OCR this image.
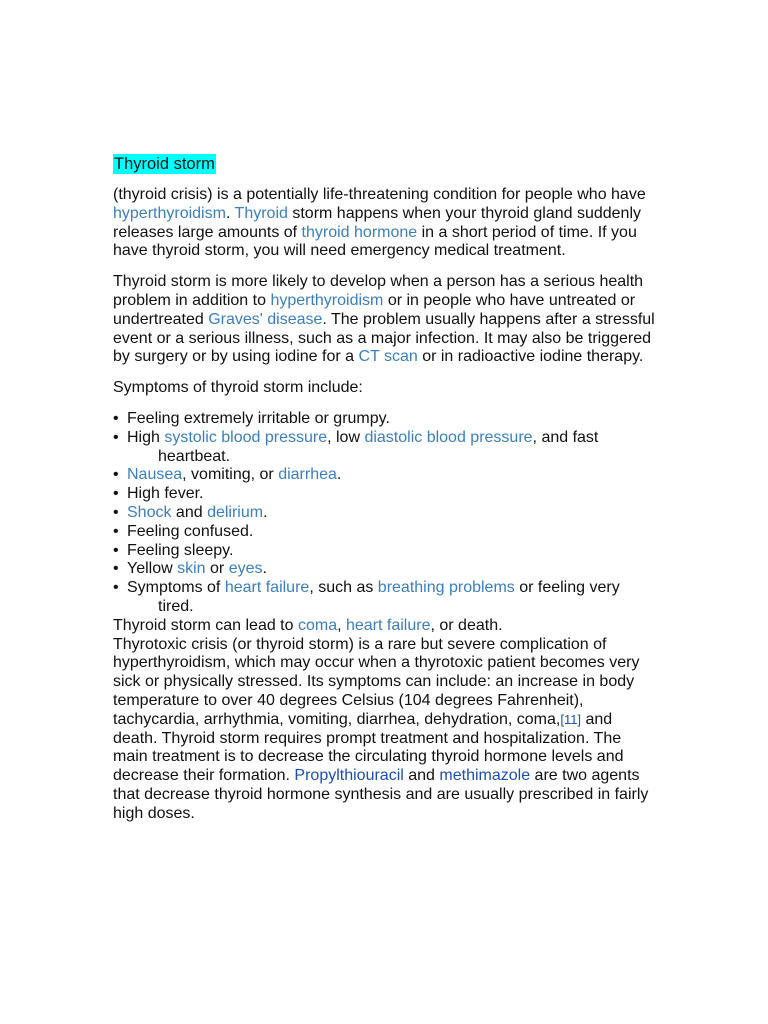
Thyroid storm

(thyroid crisis) is a potentially life-threatening condition for people who have hyperthyroidism. Thyroid storm happens when your thyroid gland suddenly releases large amounts of thyroid hormone in a short period of time. If you have thyroid storm, you will need emergency medical treatment.

Thyroid storm is more likely to develop when a person has a serious health problem in addition to hyperthyroidism or in people who have untreated or undertreated Graves' disease. The problem usually happens after a stressful event or a serious illness, such as a major infection. It may also be triggered by surgery or by using iodine for a CT scan or in radioactive iodine therapy.

Symptoms of thyroid storm include:

• Feeling extremely irritable or grumpy.
• High systolic blood pressure, low diastolic blood pressure, and fast
heartbeat.
• Nausea, vomiting, or diarrhea.
• High fever.
• Shock and delirium.
• Feeling confused.
• Feeling sleepy.
• Yellow skin or eyes.
• Symptoms of heart failure, such as breathing problems or feeling very
tired.

Thyroid storm can lead to coma, heart failure, or death.

Thyrotoxic crisis (or thyroid storm) is a rare but severe complication of hyperthyroidism, which may occur when a thyrotoxic patient becomes very sick or physically stressed. Its symptoms can include: an increase in body temperature to over 40 degrees Celsius (104 degrees Fahrenheit), tachycardia, arrhythmia, vomiting, diarrhea, dehydration, coma,[11] and death. Thyroid storm requires prompt treatment and hospitalization. The main treatment is to decrease the circulating thyroid hormone levels and decrease their formation. Propylthiouracil and methimazole are two agents that decrease thyroid hormone synthesis and are usually prescribed in fairly high doses.
